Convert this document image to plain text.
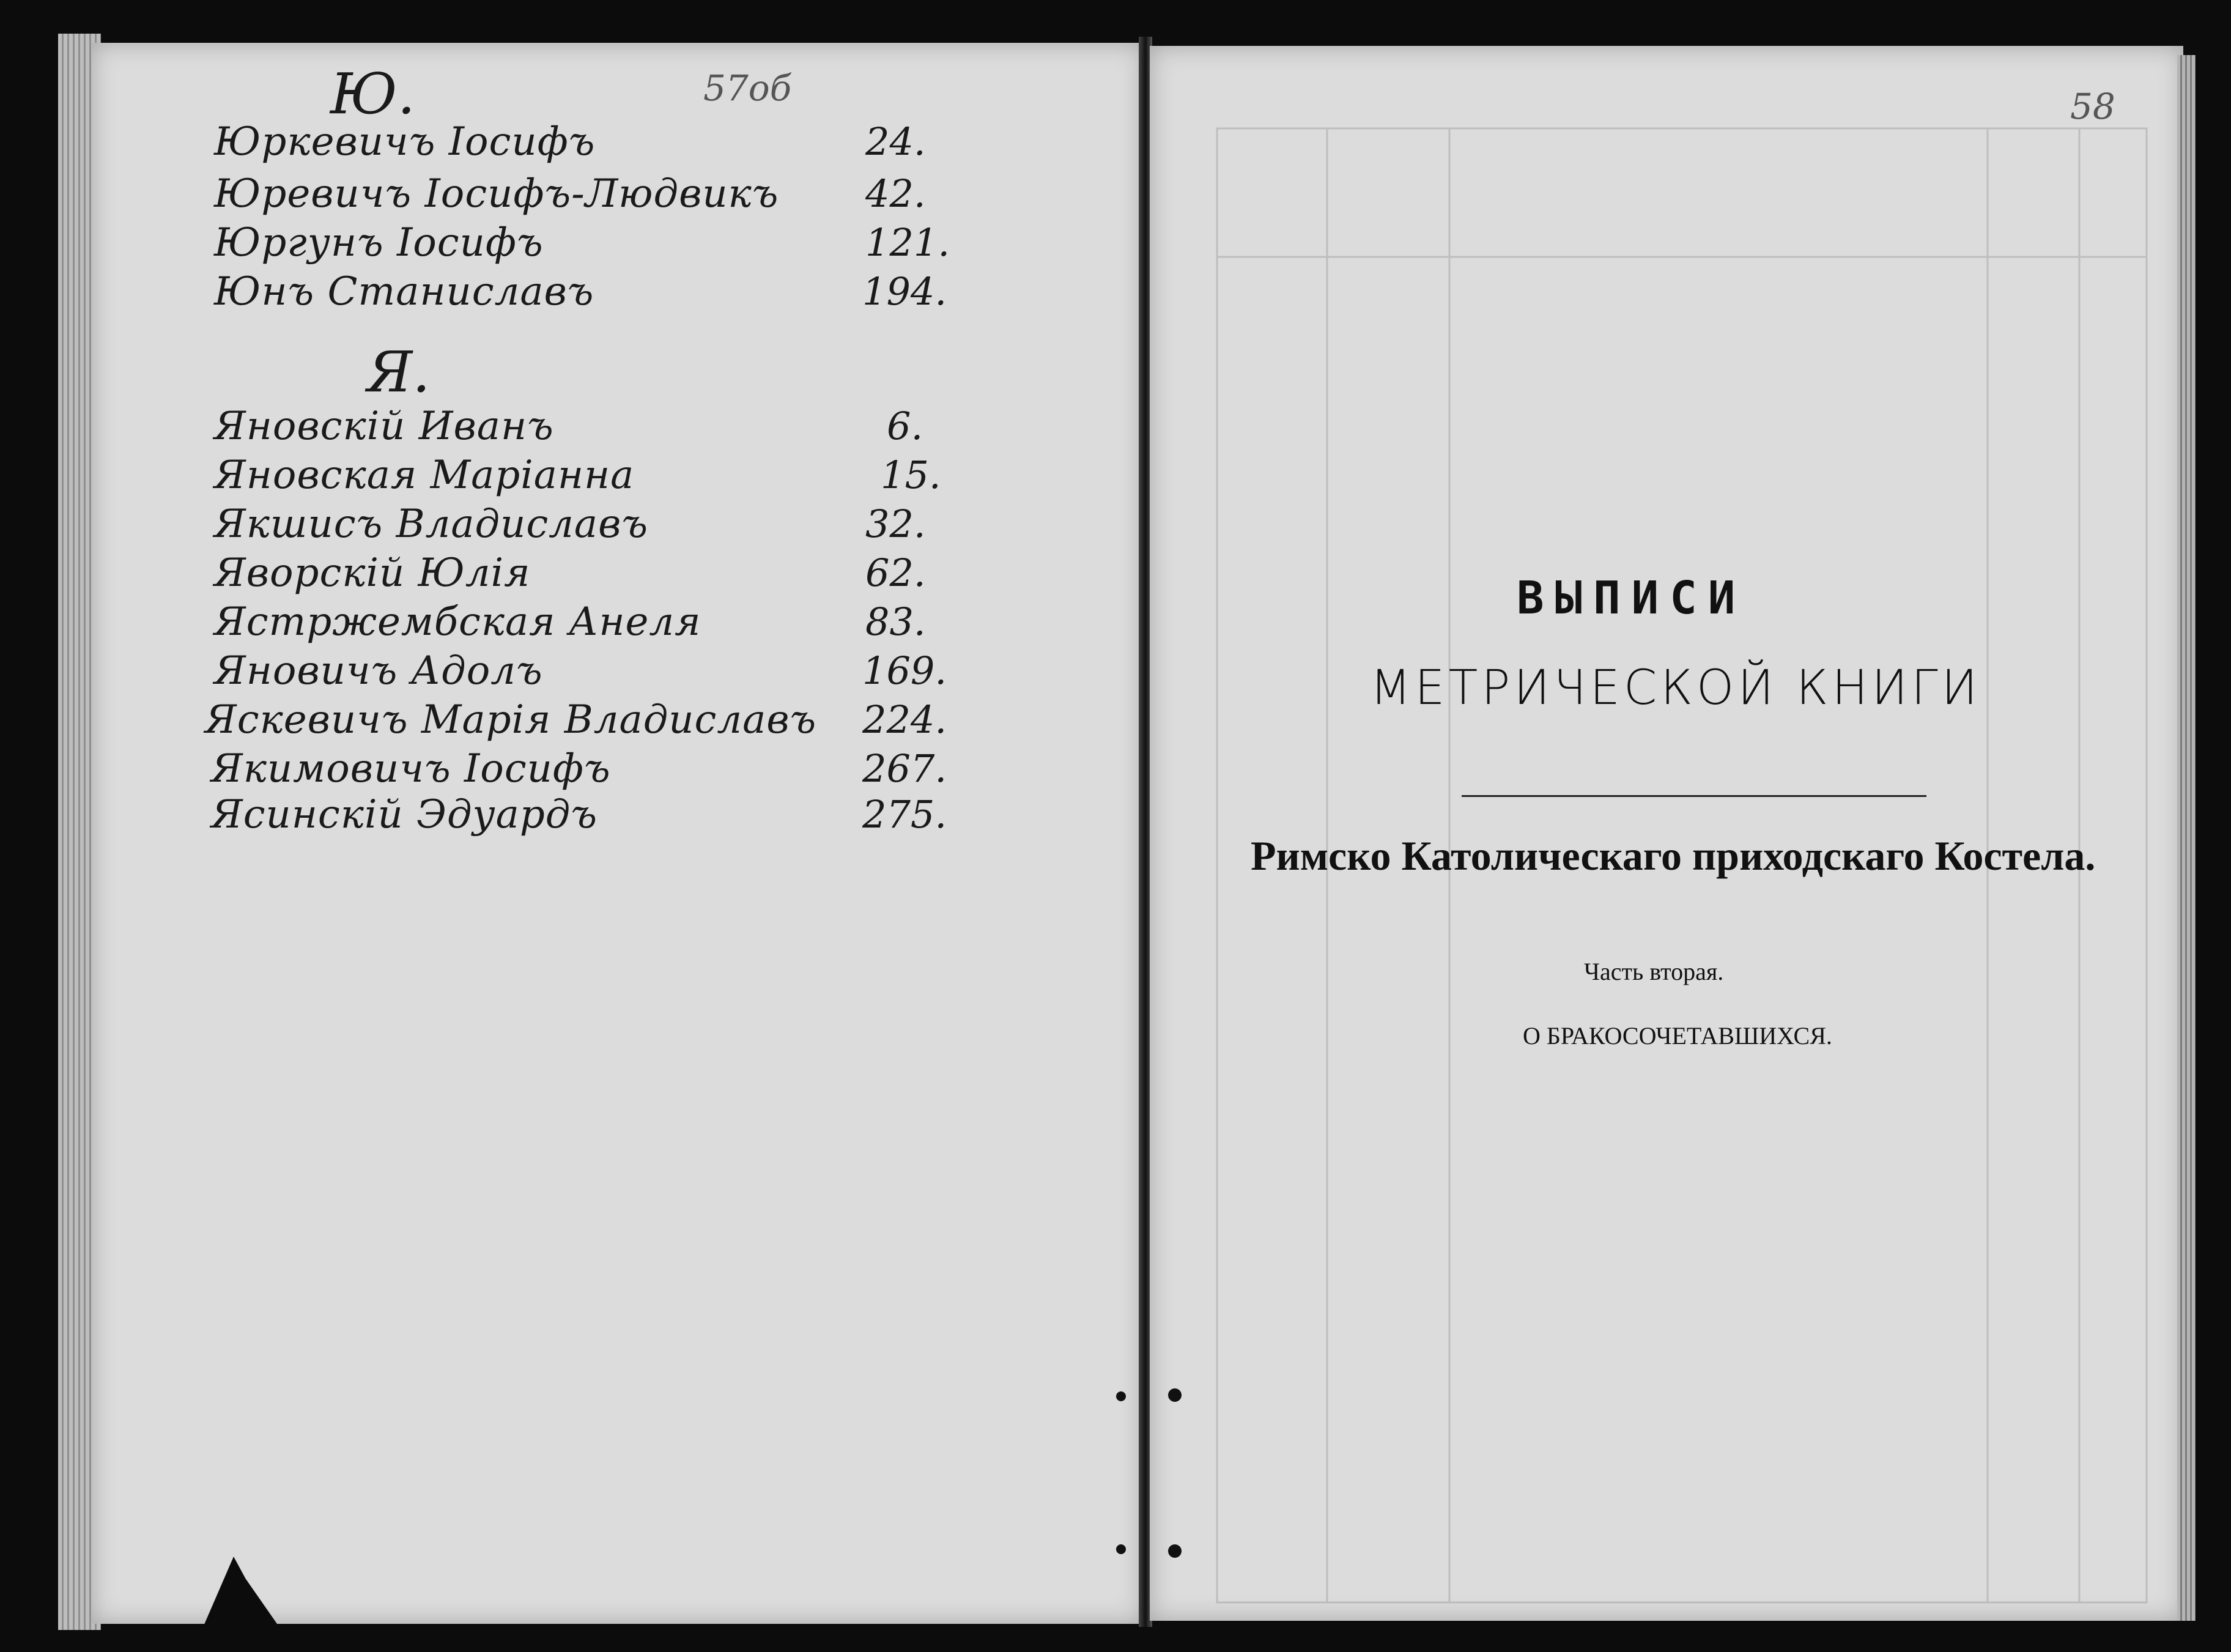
57об
Ю.
Юркевичъ Іосифъ	24.
Юревичъ Іосифъ-Людвикъ 42.
Юргунъ Іосифъ	121.
Юнъ Станиславъ	194.
Я.
Яновскій Иванъ	6.
Яновская Маріанна	15.
Якшисъ Владиславъ	32.
Яворскій Юлія	62.
Ястржембская Анеля	83.
Яновичъ Адолъ	169.
Яскевичъ Марія Владиславъ 224.
Якимовичъ Іосифъ	267.
Ясинскій Эдуардъ	275.
58
ВЫПИСИ
МЕТРИЧЕСКОЙ КНИГИ
Римско Католическаго приходскаго Костела.
Часть вторая.
О БРАКОСОЧЕТАВШИХСЯ.
